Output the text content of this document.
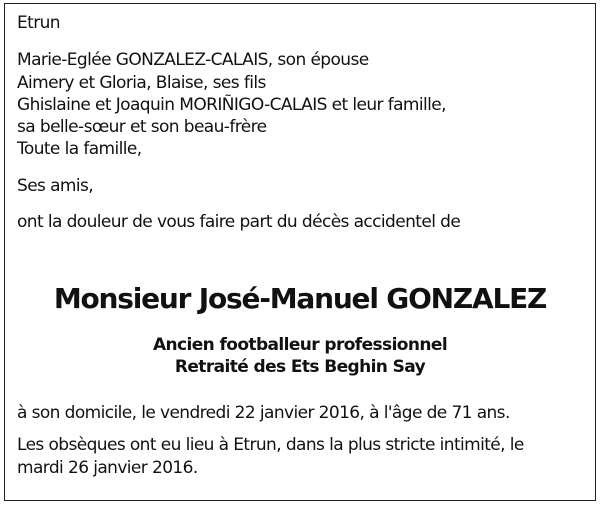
Etrun

Marie-Eglée GONZALEZ-CALAIS, son épouse

Aimery et Gloria, Blaise, ses fils

Ghislaine et Joaquin MORIÑIGO-CALAIS et leur famille,

sa belle-sœur et son beau-frère

Toute la famille,

Ses amis,

ont la douleur de vous faire part du décès accidentel de

Monsieur José-Manuel GONZALEZ
Ancien footballeur professionnel
Retraité des Ets Beghin Say

à son domicile, le vendredi 22 janvier 2016, à l'âge de 71 ans.

Les obsèques ont eu lieu à Etrun, dans la plus stricte intimité, le
mardi 26 janvier 2016.
